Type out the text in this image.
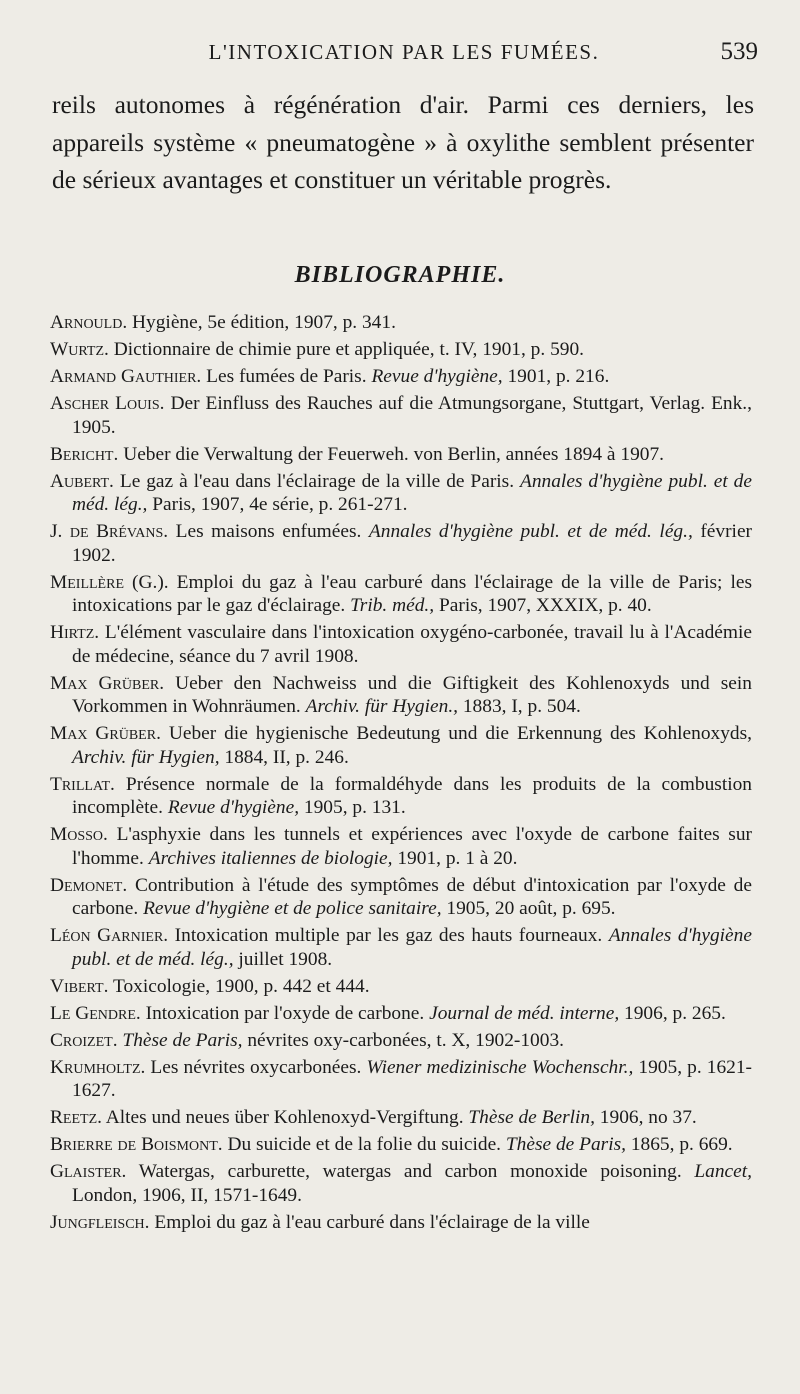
L'INTOXICATION PAR LES FUMÉES.	539

reils autonomes à régénération d'air. Parmi ces derniers, les appareils système « pneumatogène » à oxylithe semblent présenter de sérieux avantages et constituer un véritable progrès.

BIBLIOGRAPHIE.

Arnould. Hygiène, 5e édition, 1907, p. 341.

Wurtz. Dictionnaire de chimie pure et appliquée, t. IV, 1901, p. 590.

Armand Gauthier. Les fumées de Paris. Revue d'hygiène, 1901, p. 216.

Ascher Louis. Der Einfluss des Rauches auf die Atmungsorgane, Stuttgart, Verlag. Enk., 1905.

Bericht. Ueber die Verwaltung der Feuerweh. von Berlin, années 1894 à 1907.

Aubert. Le gaz à l'eau dans l'éclairage de la ville de Paris. Annales d'hygiène publ. et de méd. lég., Paris, 1907, 4e série, p. 261-271.

J. de Brévans. Les maisons enfumées. Annales d'hygiène publ. et de méd. lég., février 1902.

Meillère (G.). Emploi du gaz à l'eau carburé dans l'éclairage de la ville de Paris; les intoxications par le gaz d'éclairage. Trib. méd., Paris, 1907, XXXIX, p. 40.

Hirtz. L'élément vasculaire dans l'intoxication oxygéno-carbonée, travail lu à l'Académie de médecine, séance du 7 avril 1908.

Max Grüber. Ueber den Nachweiss und die Giftigkeit des Kohlenoxyds und sein Vorkommen in Wohnräumen. Archiv. für Hygien., 1883, I, p. 504.

Max Grüber. Ueber die hygienische Bedeutung und die Erkennung des Kohlenoxyds, Archiv. für Hygien, 1884, II, p. 246.

Trillat. Présence normale de la formaldéhyde dans les produits de la combustion incomplète. Revue d'hygiène, 1905, p. 131.

Mosso. L'asphyxie dans les tunnels et expériences avec l'oxyde de carbone faites sur l'homme. Archives italiennes de biologie, 1901, p. 1 à 20.

Demonet. Contribution à l'étude des symptômes de début d'intoxication par l'oxyde de carbone. Revue d'hygiène et de police sanitaire, 1905, 20 août, p. 695.

Léon Garnier. Intoxication multiple par les gaz des hauts fourneaux. Annales d'hygiène publ. et de méd. lég., juillet 1908.

Vibert. Toxicologie, 1900, p. 442 et 444.

Le Gendre. Intoxication par l'oxyde de carbone. Journal de méd. interne, 1906, p. 265.

Croizet. Thèse de Paris, névrites oxy-carbonées, t. X, 1902-1003.

Krumholtz. Les névrites oxycarbonées. Wiener medizinische Wochenschr., 1905, p. 1621-1627.

Reetz. Altes und neues über Kohlenoxyd-Vergiftung. Thèse de Berlin, 1906, no 37.

Brierre de Boismont. Du suicide et de la folie du suicide. Thèse de Paris, 1865, p. 669.

Glaister. Watergas, carburette, watergas and carbon monoxide poisoning. Lancet, London, 1906, II, 1571-1649.

Jungfleisch. Emploi du gaz à l'eau carburé dans l'éclairage de la ville
